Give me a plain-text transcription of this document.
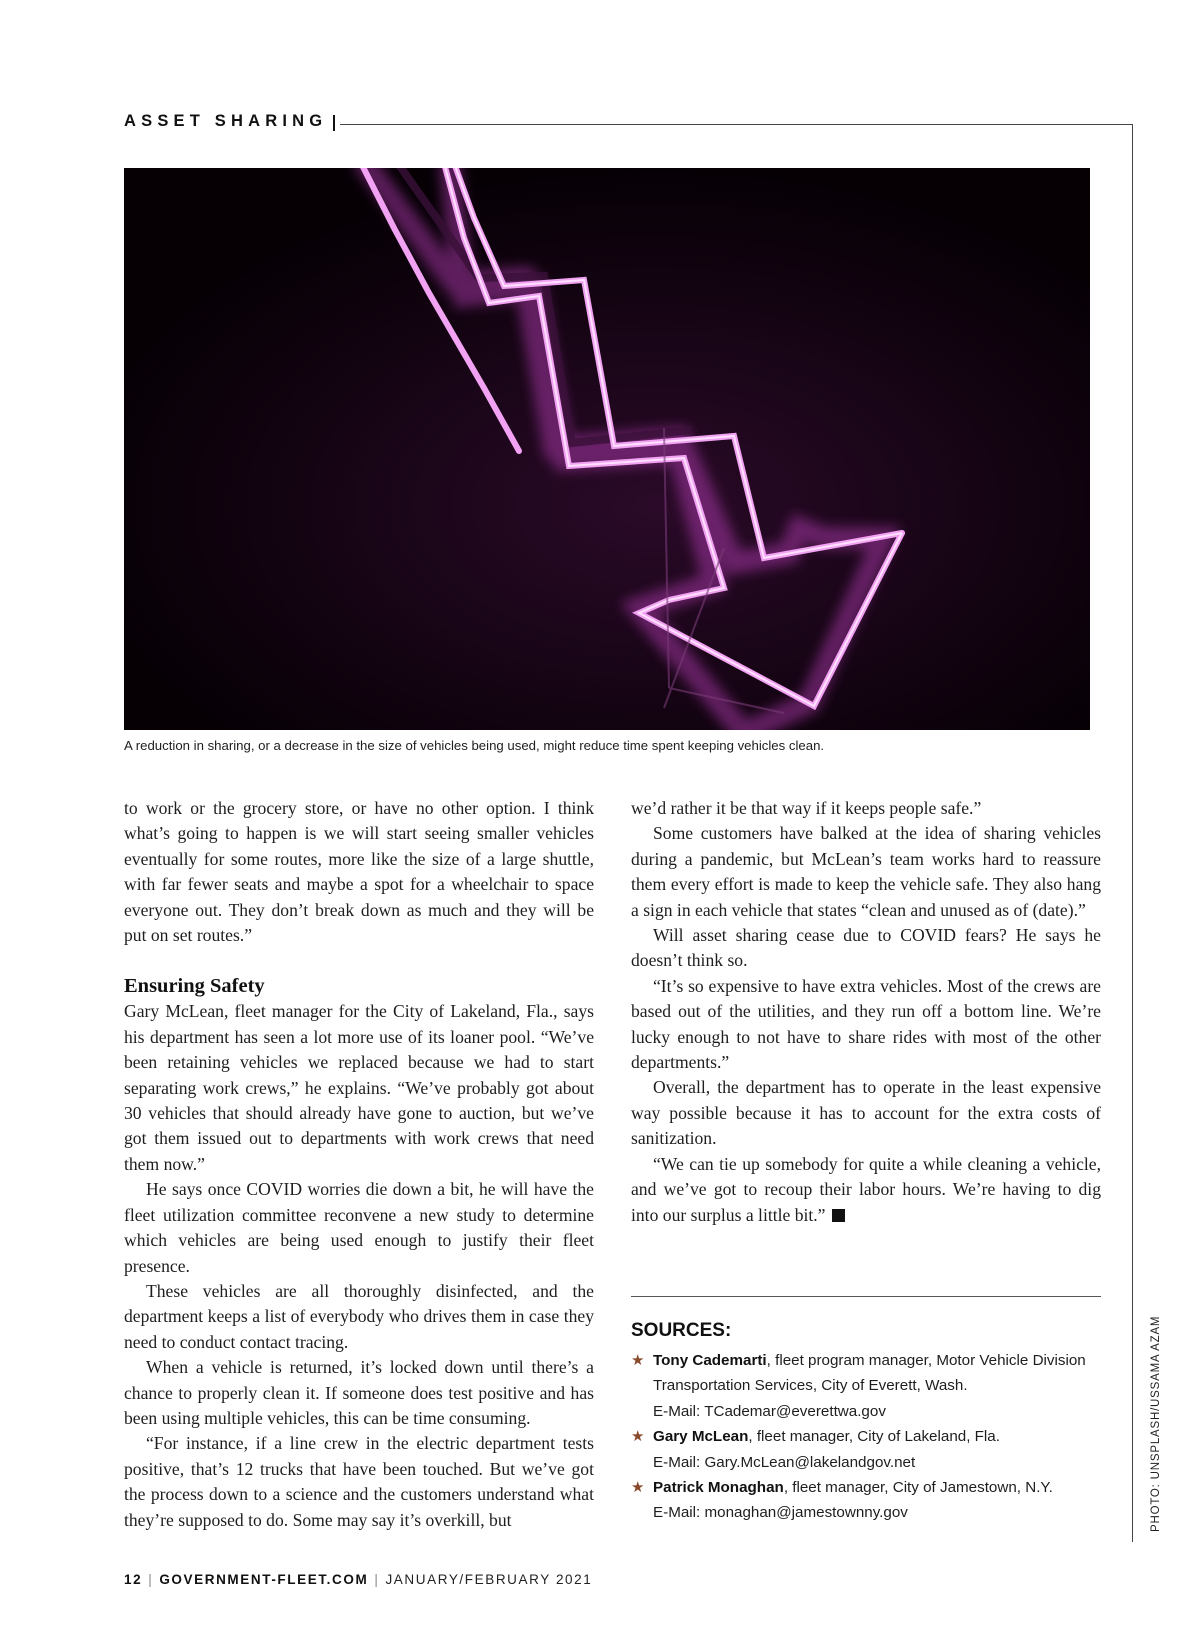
ASSET SHARING
A reduction in sharing, or a decrease in the size of vehicles being used, might reduce time spent keeping vehicles clean.

to work or the grocery store, or have no other option. I think what’s going to happen is we will start seeing smaller vehicles eventually for some routes, more like the size of a large shuttle, with far fewer seats and maybe a spot for a wheelchair to space everyone out. They don’t break down as much and they will be put on set routes.”

Ensuring Safety

Gary McLean, fleet manager for the City of Lakeland, Fla., says his department has seen a lot more use of its loaner pool. “We’ve been retaining vehicles we replaced because we had to start separating work crews,” he explains. “We’ve probably got about 30 vehicles that should already have gone to auction, but we’ve got them issued out to departments with work crews that need them now.”

He says once COVID worries die down a bit, he will have the fleet utilization committee reconvene a new study to determine which vehicles are being used enough to justify their fleet presence.

These vehicles are all thoroughly disinfected, and the department keeps a list of everybody who drives them in case they need to conduct contact tracing.

When a vehicle is returned, it’s locked down until there’s a chance to properly clean it. If someone does test positive and has been using multiple vehicles, this can be time consuming.

“For instance, if a line crew in the electric department tests positive, that’s 12 trucks that have been touched. But we’ve got the process down to a science and the customers understand what they’re supposed to do. Some may say it’s overkill, but

we’d rather it be that way if it keeps people safe.”

Some customers have balked at the idea of sharing vehicles during a pandemic, but McLean’s team works hard to reassure them every effort is made to keep the vehicle safe. They also hang a sign in each vehicle that states “clean and unused as of (date).”

Will asset sharing cease due to COVID fears? He says he doesn’t think so.

“It’s so expensive to have extra vehicles. Most of the crews are based out of the utilities, and they run off a bottom line. We’re lucky enough to not have to share rides with most of the other departments.”

Overall, the department has to operate in the least expensive way possible because it has to account for the extra costs of sanitization.

“We can tie up somebody for quite a while cleaning a vehicle, and we’ve got to recoup their labor hours. We’re having to dig into our surplus a little bit.”

SOURCES:
★ Tony Cademarti, fleet program manager, Motor Vehicle Division Transportation Services, City of Everett, Wash.
E-Mail: TCademar@everettwa.gov
★ Gary McLean, fleet manager, City of Lakeland, Fla.
E-Mail: Gary.McLean@lakelandgov.net
★ Patrick Monaghan, fleet manager, City of Jamestown, N.Y.
E-Mail: monaghan@jamestownny.gov	PHOTO: UNSPLASH/USSAMA AZAM
12 | GOVERNMENT-FLEET.COM | JANUARY/FEBRUARY 2021
